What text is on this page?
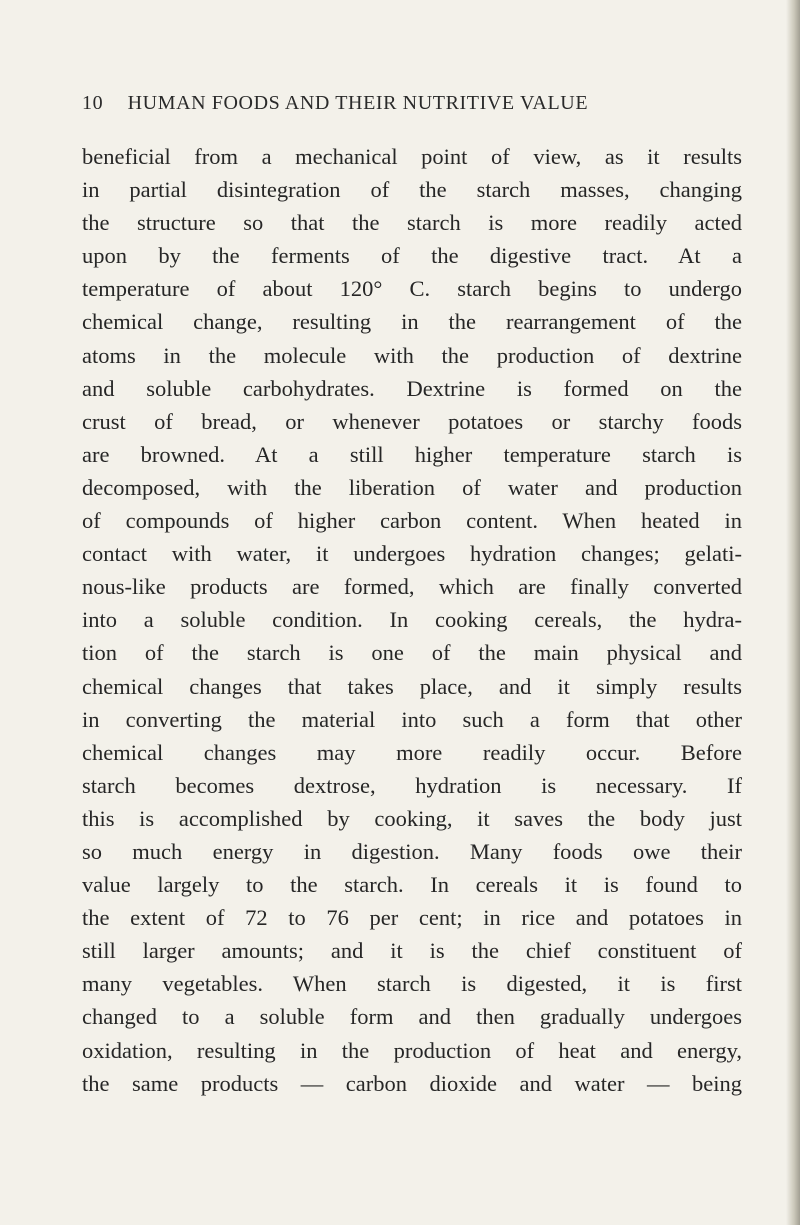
10 HUMAN FOODS AND THEIR NUTRITIVE VALUE
beneficial from a mechanical point of view, as it results
in partial disintegration of the starch masses, changing
the structure so that the starch is more readily acted
upon by the ferments of the digestive tract. At a
temperature of about 120° C. starch begins to undergo
chemical change, resulting in the rearrangement of the
atoms in the molecule with the production of dextrine
and soluble carbohydrates. Dextrine is formed on the
crust of bread, or whenever potatoes or starchy foods
are browned. At a still higher temperature starch is
decomposed, with the liberation of water and production
of compounds of higher carbon content. When heated in
contact with water, it undergoes hydration changes; gelati-
nous-like products are formed, which are finally converted
into a soluble condition. In cooking cereals, the hydra-
tion of the starch is one of the main physical and
chemical changes that takes place, and it simply results
in converting the material into such a form that other
chemical changes may more readily occur. Before
starch becomes dextrose, hydration is necessary. If
this is accomplished by cooking, it saves the body just
so much energy in digestion. Many foods owe their
value largely to the starch. In cereals it is found to
the extent of 72 to 76 per cent; in rice and potatoes in
still larger amounts; and it is the chief constituent of
many vegetables. When starch is digested, it is first
changed to a soluble form and then gradually undergoes
oxidation, resulting in the production of heat and energy,
the same products — carbon dioxide and water — being
